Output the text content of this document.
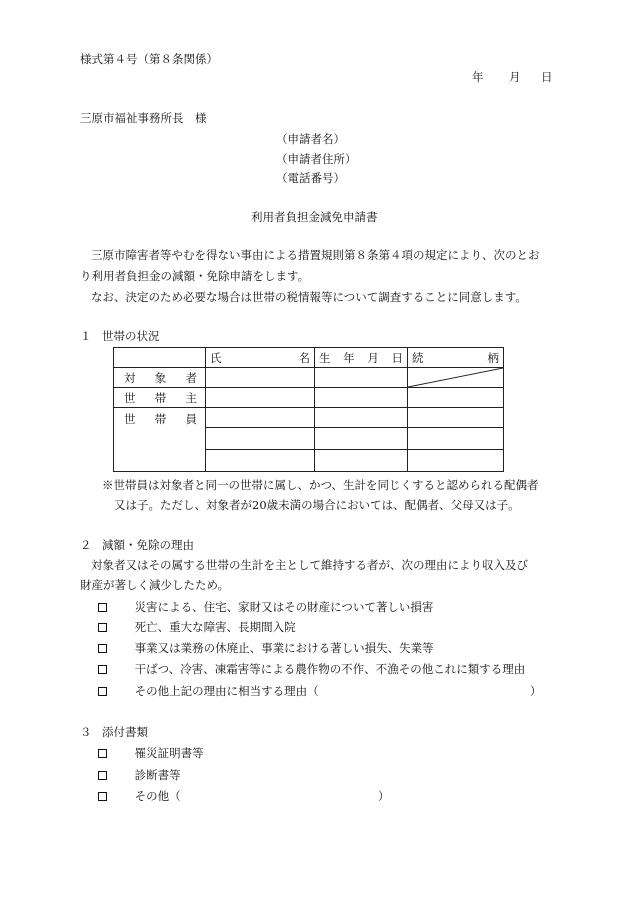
様式第４号（第８条関係）
年 月 日
三原市福祉事務所長　様
（申請者名）
（申請者住所）
（電話番号）
利用者負担金減免申請書
三原市障害者等やむを得ない事由による措置規則第８条第４項の規定により、次のとお
り利用者負担金の減額・免除申請をします。
なお、決定のため必要な場合は世帯の税情報等について調査することに同意します。
１ 世帯の状況

	氏 名	生 年 月 日	続 柄

対 象 者

世 帯 主			

世 帯 員			

※世帯員は対象者と同一の世帯に属し、かつ、生計を同じくすると認められる配偶者
又は子。ただし、対象者が20歳未満の場合においては、配偶者、父母又は子。
２ 減額・免除の理由
対象者又はその属する世帯の生計を主として維持する者が、次の理由により収入及び
財産が著しく減少したため。
災害による、住宅、家財又はその財産について著しい損害
死亡、重大な障害、長期間入院
事業又は業務の休廃止、事業における著しい損失、失業等
干ばつ、冷害、凍霜害等による農作物の不作、不漁その他これに類する理由
その他上記の理由に相当する理由（	）
３ 添付書類
罹災証明書等
診断書等
その他（	）
